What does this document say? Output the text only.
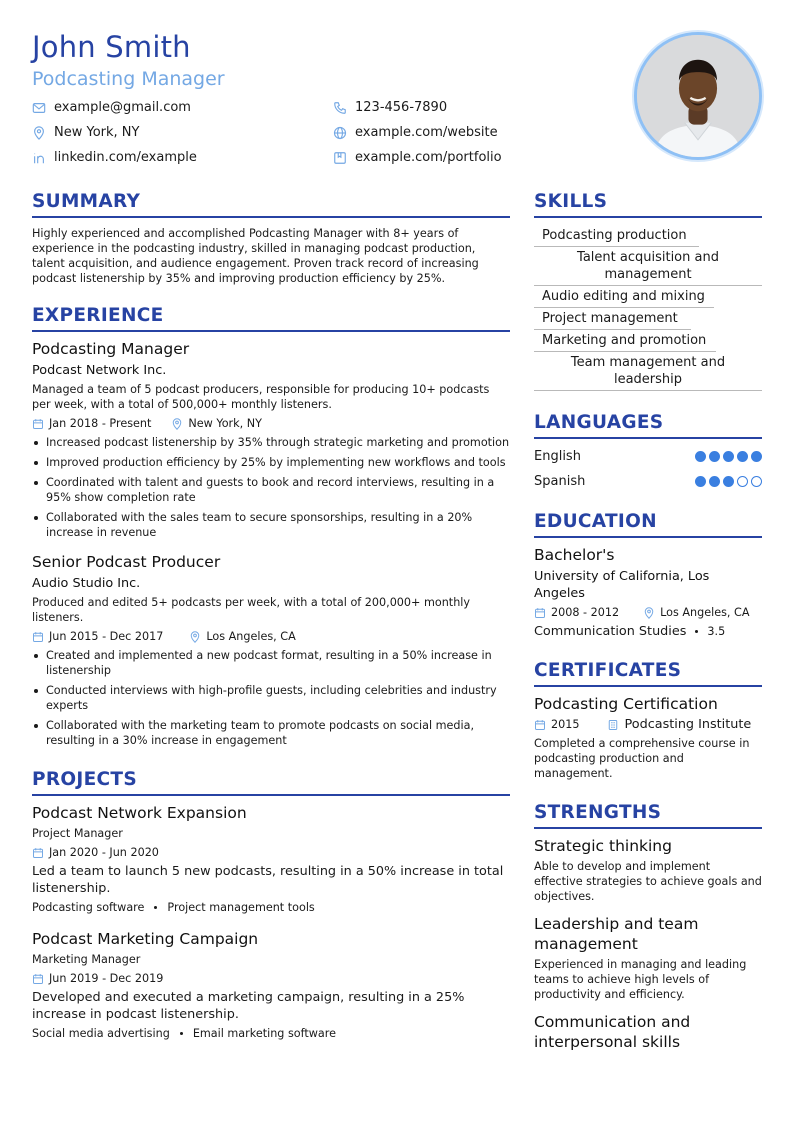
John Smith
Podcasting Manager
example@gmail.com	123-456-7890
New York, NY	example.com/website
linkedin.com/example	example.com/portfolio
SUMMARY

Highly experienced and accomplished Podcasting Manager with 8+ years of experience in the podcasting industry, skilled in managing podcast production, talent acquisition, and audience engagement. Proven track record of increasing podcast listenership by 35% and improving production efficiency by 25%.

EXPERIENCE
Podcasting Manager
Podcast Network Inc.

Managed a team of 5 podcast producers, responsible for producing 10+ podcasts per week, with a total of 500,000+ monthly listeners.

Jan 2018 - Present	New York, NY
Increased podcast listenership by 35% through strategic marketing and promotion
Improved production efficiency by 25% by implementing new workflows and tools
Coordinated with talent and guests to book and record interviews, resulting in a 95% show completion rate
Collaborated with the sales team to secure sponsorships, resulting in a 20% increase in revenue
Senior Podcast Producer
Audio Studio Inc.

Produced and edited 5+ podcasts per week, with a total of 200,000+ monthly listeners.

Jun 2015 - Dec 2017	Los Angeles, CA
Created and implemented a new podcast format, resulting in a 50% increase in listenership
Conducted interviews with high-profile guests, including celebrities and industry experts
Collaborated with the marketing team to promote podcasts on social media, resulting in a 30% increase in engagement
PROJECTS
Podcast Network Expansion
Project Manager
Jan 2020 - Jun 2020

Led a team to launch 5 new podcasts, resulting in a 50% increase in total listenership.

Podcasting software Project management tools
Podcast Marketing Campaign
Marketing Manager
Jun 2019 - Dec 2019

Developed and executed a marketing campaign, resulting in a 25% increase in podcast listenership.

Social media advertising Email marketing software
SKILLS
Podcasting production
Talent acquisition and management
Audio editing and mixing
Project management
Marketing and promotion
Team management and leadership
LANGUAGES
English
Spanish
EDUCATION
Bachelor's
University of California, Los Angeles
2008 - 2012	Los Angeles, CA
Communication Studies 3.5
CERTIFICATES
Podcasting Certification
2015	Podcasting Institute

Completed a comprehensive course in podcasting production and management.

STRENGTHS
Strategic thinking

Able to develop and implement effective strategies to achieve goals and objectives.

Leadership and team management

Experienced in managing and leading teams to achieve high levels of productivity and efficiency.

Communication and interpersonal skills
